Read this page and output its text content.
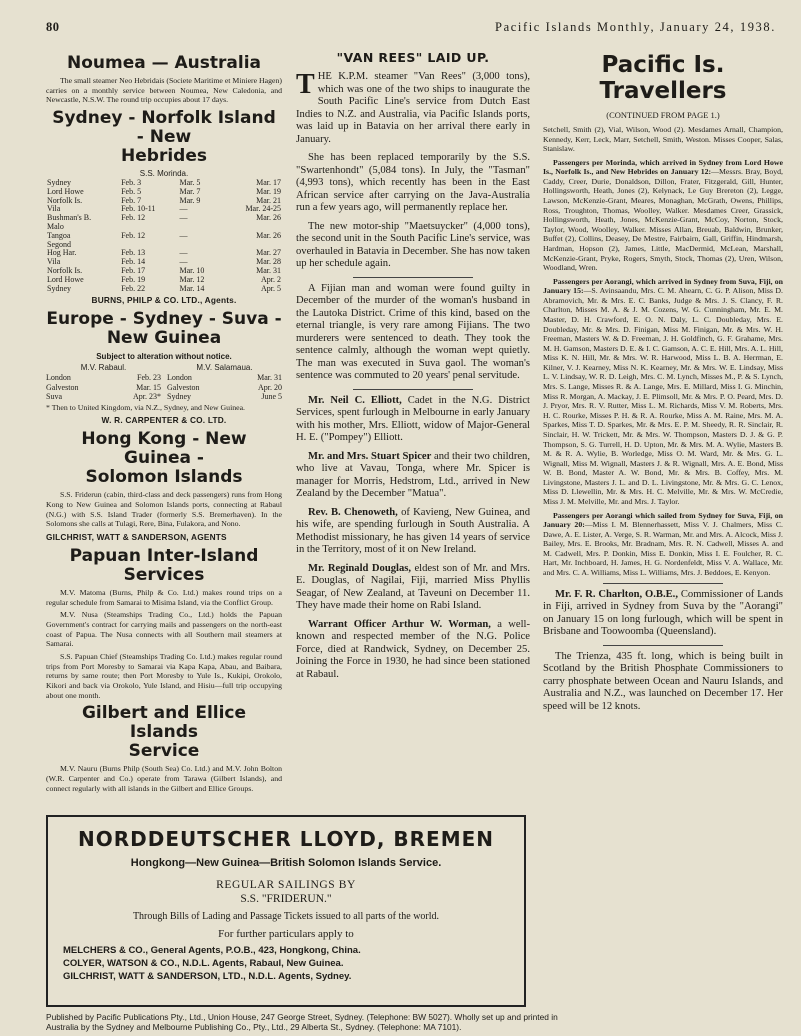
80	Pacific Islands Monthly, January 24, 1938.
Noumea — Australia

The small steamer Neo Hebridais (Societe Maritime et Miniere Hagen) carries on a monthly service between Noumea, New Caledonia, and Newcastle, N.S.W. The round trip occupies about 17 days.

Sydney - Norfolk Island - New
Hebrides
S.S. Morinda.
Sydney	Feb. 3	Mar. 5	Mar. 17
Lord Howe	Feb. 5	Mar. 7	Mar. 19
Norfolk Is.	Feb. 7	Mar. 9	Mar. 21
Vila	Feb. 10-11	—	Mar. 24-25
Bushman's B.	Feb. 12	—	Mar. 26
Malo			
Tangoa	Feb. 12	—	Mar. 26
Segond			
Hog Har.	Feb. 13	—	Mar. 27
Vila	Feb. 14	—	Mar. 28
Norfolk Is.	Feb. 17	Mar. 10	Mar. 31
Lord Howe	Feb. 19	Mar. 12	Apr. 2
Sydney	Feb. 22	Mar. 14	Apr. 5
BURNS, PHILP & CO. LTD., Agents.
Europe - Sydney - Suva -
New Guinea
Subject to alteration without notice.
M.V. Rabaul.
London	Feb. 23
Galveston	Mar. 15
Suva	Apr. 23*
M.V. Salamaua.
London	Mar. 31
Galveston	Apr. 20
Sydney	June 5
* Then to United Kingdom, via N.Z., Sydney, and New Guinea.
W. R. CARPENTER & CO. LTD.
Hong Kong - New Guinea -
Solomon Islands

S.S. Friderun (cabin, third-class and deck passengers) runs from Hong Kong to New Guinea and Solomon Islands ports, connecting at Rabaul (N.G.) with S.S. Island Trader (formerly S.S. Bremerhaven). In the Solomons she calls at Tulagi, Rere, Bina, Fulakora, and Nono.

GILCHRIST, WATT & SANDERSON, AGENTS
Papuan Inter-Island Services

M.V. Matoma (Burns, Philp & Co. Ltd.) makes round trips on a regular schedule from Samarai to Misima Island, via the Conflict Group.

M.V. Nusa (Steamships Trading Co., Ltd.) holds the Papuan Government's contract for carrying mails and passengers on the north-east coast of Papua. The Nusa connects with all Southern mail steamers at Samarai.

S.S. Papuan Chief (Steamships Trading Co. Ltd.) makes regular round trips from Port Moresby to Samarai via Kapa Kapa, Abau, and Baibara, returns by same route; then Port Moresby to Yule Is., Kukipi, Orokolo, Kikori and back via Orokolo, Yule Island, and Hisiu—full trip occupying about one month.

Gilbert and Ellice Islands
Service

M.V. Nauru (Burns Philp (South Sea) Co. Ltd.) and M.V. John Bolton (W.R. Carpenter and Co.) operate from Tarawa (Gilbert Islands), and connect regularly with all islands in the Gilbert and Ellice Groups.

"VAN REES" LAID UP.

THE K.P.M. steamer "Van Rees" (3,000 tons), which was one of the two ships to inaugurate the South Pacific Line's service from Dutch East Indies to N.Z. and Australia, via Pacific Islands ports, was laid up in Batavia on her arrival there early in January.

She has been replaced temporarily by the S.S. "Swartenhondt" (5,084 tons). In July, the "Tasman" (4,993 tons), which recently has been in the East African service after carrying on the Java-Australia run a few years ago, will permanently replace her.

The new motor-ship "Maetsuycker" (4,000 tons), the second unit in the South Pacific Line's service, was overhauled in Batavia in December. She has now taken up her schedule again.

A Fijian man and woman were found guilty in December of the murder of the woman's husband in the Lautoka District. Crime of this kind, based on the eternal triangle, is very rare among Fijians. The two murderers were sentenced to death. They took the sentence calmly, although the woman wept quietly. The man was executed in Suva gaol. The woman's sentence was commuted to 20 years' penal servitude.

Mr. Neil C. Elliott, Cadet in the N.G. District Services, spent furlough in Melbourne in early January with his mother, Mrs. Elliott, widow of Major-General H. E. ("Pompey") Elliott.

Mr. and Mrs. Stuart Spicer and their two children, who live at Vavau, Tonga, where Mr. Spicer is manager for Morris, Hedstrom, Ltd., arrived in New Zealand by the December "Matua".

Rev. B. Chenoweth, of Kavieng, New Guinea, and his wife, are spending furlough in South Australia. A Methodist missionary, he has given 14 years of service in the Territory, most of it on New Ireland.

Mr. Reginald Douglas, eldest son of Mr. and Mrs. E. Douglas, of Nagilai, Fiji, married Miss Phyllis Seagar, of New Zealand, at Taveuni on December 11. They have made their home on Rabi Island.

Warrant Officer Arthur W. Worman, a well-known and respected member of the N.G. Police Force, died at Randwick, Sydney, on December 25. Joining the Force in 1930, he had since been stationed at Rabaul.

Pacific Is. Travellers
(CONTINUED FROM PAGE 1.)

Setchell, Smith (2), Vial, Wilson, Wood (2). Mesdames Arnall, Champion, Kennedy, Kerr, Leck, Marr, Setchell, Smith, Weston. Misses Cooper, Salas, Stanislaw.

Passengers per Morinda, which arrived in Sydney from Lord Howe Is., Norfolk Is., and New Hebrides on January 12:—Messrs. Bray, Boyd, Caddy, Creer, Durie, Donaldson, Dillon, Frater, Fitzgerald, Gill, Hunter, Hollingsworth, Heath, Jones (2), Kelynack, Le Guy Brereton (2), Legge, Lawson, McKenzie-Grant, Meares, Monaghan, McGrath, Owens, Phillips, Ross, Troughton, Thomas, Woolley, Walker. Mesdames Creer, Grassick, Hollingsworth, Heath, Jones, McKenzie-Grant, McCoy, Norton, Stock, Taylor, Wood, Woolley, Walker. Misses Allan, Breuab, Baldwin, Brunker, Buffet (2), Collins, Deasey, De Mestre, Fairbairn, Gall, Griffin, Hindmarsh, Hardman, Hopson (2), James, Little, MacDermid, McLean, Marshall, McKenzie-Grant, Pryke, Rogers, Smyth, Stock, Thomas (2), Uren, Wilson, Woodland, Wren.

Passengers per Aorangi, which arrived in Sydney from Suva, Fiji, on January 15:—S. Avinsaandu, Mrs. C. M. Ahearn, C. G. P. Alison, Miss D. Abramovich, Mr. & Mrs. E. C. Banks, Judge & Mrs. J. S. Clancy, F. R. Charlton, Misses M. A. & J. M. Cozens, W. G. Cunningham, Mr. E. M. Master, D. H. Crawford, E. O. N. Daly, L. C. Doubleday, Mrs. E. Doubleday, Mr. & Mrs. D. Finigan, Miss M. Finigan, Mr. & Mrs. W. H. Freeman, Masters W. & D. Freeman, J. H. Goldfinch, G. F. Grahame, Mrs. M. H. Gamson, Masters D. E. & I. C. Gamson, A. C. E. Hill, Mrs. A. L. Hill, Miss K. N. Hill, Mr. & Mrs. W. R. Harwood, Miss L. B. A. Herrman, E. Kilner, V. J. Kearney, Miss N. K. Kearney, Mr. & Mrs. W. E. Lindsay, Miss L. V. Lindsay, W. R. D. Leigh, Mrs. C. M. Lynch, Misses M., P. & S. Lynch, Mrs. S. Lange, Misses R. & A. Lange, Mrs. E. Millard, Miss I. G. Minchin, Miss R. Morgan, A. Mackay, J. E. Plimsoll, Mr. & Mrs. P. O. Peard, Mrs. D. J. Pryor, Mrs. R. V. Rutter, Miss L. M. Richards, Miss V. M. Roberts, Mrs. H. C. Rourke, Misses P. H. & R. A. Rourke, Miss A. M. Raine, Mrs. M. A. Sparkes, Miss T. D. Sparkes, Mr. & Mrs. E. P. M. Sheedy, R. R. Sinclair, R. Sinclair, H. W. Trickett, Mr. & Mrs. W. Thompson, Masters D. J. & G. P. Thompson, S. G. Turrell, H. D. Upton, Mr. & Mrs. M. A. Wylie, Masters B. M. & R. A. Wylie, B. Worledge, Miss O. M. Ward, Mr. & Mrs. G. L. Wignall, Miss M. Wignall, Masters J. & R. Wignall, Mrs. A. E. Bond, Miss W. B. Bond, Master A. W. Bond, Mr. & Mrs. B. Coffey, Mrs. M. Livingstone, Masters J. L. and D. L. Livingstone, Mr. & Mrs. G. C. Lenox, Miss D. Llewellin, Mr. & Mrs. H. C. Melville, Mr. & Mrs. W. McCredie, Miss J. M. Melville, Mr. and Mrs. J. Taylor.

Passengers per Aorangi which sailed from Sydney for Suva, Fiji, on January 20:—Miss I. M. Blennerhassett, Miss V. J. Chalmers, Miss C. Dawe, A. E. Lister, A. Verge, S. R. Warman, Mr. and Mrs. A. Alcock, Miss J. Bailey, Mrs. E. Brooks, Mr. Bradnam, Mrs. R. N. Cadwell, Misses A. and M. Cadwell, Mrs. P. Donkin, Miss E. Donkin, Miss I. E. Foulcher, R. C. Hart, Mr. Inchboard, H. James, H. G. Nordenfeldt, Miss V. A. Wallace, Mr. and Mrs. C. A. Williams, Miss L. Williams, Mrs. J. Beddoes, E. Kenyon.

Mr. F. R. Charlton, O.B.E., Commissioner of Lands in Fiji, arrived in Sydney from Suva by the "Aorangi" on January 15 on long furlough, which will be spent in Brisbane and Toowoomba (Queensland).

The Trienza, 435 ft. long, which is being built in Scotland by the British Phosphate Commissioners to carry phosphate between Ocean and Nauru Islands, and Australia and N.Z., was launched on December 17. Her speed will be 12 knots.

NORDDEUTSCHER LLOYD, BREMEN
Hongkong—New Guinea—British Solomon Islands Service.
REGULAR SAILINGS BY
S.S. "FRIDERUN."
Through Bills of Lading and Passage Tickets issued to all parts of the world.
For further particulars apply to
MELCHERS & CO., General Agents, P.O.B., 423, Hongkong, China.
COLYER, WATSON & CO., N.D.L. Agents, Rabaul, New Guinea.
GILCHRIST, WATT & SANDERSON, LTD., N.D.L. Agents, Sydney.
Published by Pacific Publications Pty., Ltd., Union House, 247 George Street, Sydney. (Telephone: BW 5027). Wholly set up and printed in
Australia by the Sydney and Melbourne Publishing Co., Pty., Ltd., 29 Alberta St., Sydney. (Telephone: MA 7101).
